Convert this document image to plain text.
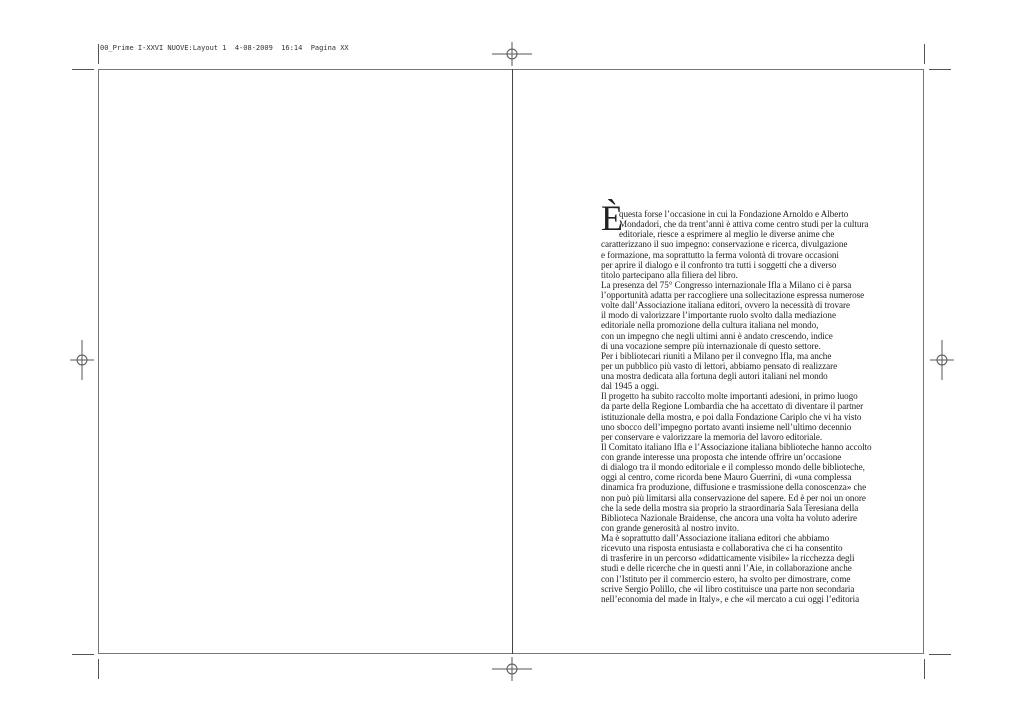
00_Prime I-XXVI NUOVE:Layout 1  4-08-2009  16:14  Pagina XX
È
questa forse l’occasione in cui la Fondazione Arnoldo e Alberto
Mondadori, che da trent’anni è attiva come centro studi per la cultura
editoriale, riesce a esprimere al meglio le diverse anime che
caratterizzano il suo impegno: conservazione e ricerca, divulgazione
e formazione, ma soprattutto la ferma volontà di trovare occasioni
per aprire il dialogo e il confronto tra tutti i soggetti che a diverso
titolo partecipano alla filiera del libro.
La presenza del 75° Congresso internazionale Ifla a Milano ci è parsa
l’opportunità adatta per raccogliere una sollecitazione espressa numerose
volte dall’Associazione italiana editori, ovvero la necessità di trovare
il modo di valorizzare l’importante ruolo svolto dalla mediazione
editoriale nella promozione della cultura italiana nel mondo,
con un impegno che negli ultimi anni è andato crescendo, indice
di una vocazione sempre più internazionale di questo settore.
Per i bibliotecari riuniti a Milano per il convegno Ifla, ma anche
per un pubblico più vasto di lettori, abbiamo pensato di realizzare
una mostra dedicata alla fortuna degli autori italiani nel mondo
dal 1945 a oggi.
Il progetto ha subito raccolto molte importanti adesioni, in primo luogo
da parte della Regione Lombardia che ha accettato di diventare il partner
istituzionale della mostra, e poi dalla Fondazione Cariplo che vi ha visto
uno sbocco dell’impegno portato avanti insieme nell’ultimo decennio
per conservare e valorizzare la memoria del lavoro editoriale.
Il Comitato italiano Ifla e l’Associazione italiana biblioteche hanno accolto
con grande interesse una proposta che intende offrire un’occasione
di dialogo tra il mondo editoriale e il complesso mondo delle biblioteche,
oggi al centro, come ricorda bene Mauro Guerrini, di «una complessa
dinamica fra produzione, diffusione e trasmissione della conoscenza» che
non può più limitarsi alla conservazione del sapere. Ed è per noi un onore
che la sede della mostra sia proprio la straordinaria Sala Teresiana della
Biblioteca Nazionale Braidense, che ancora una volta ha voluto aderire
con grande generosità al nostro invito.
Ma è soprattutto dall’Associazione italiana editori che abbiamo
ricevuto una risposta entusiasta e collaborativa che ci ha consentito
di trasferire in un percorso «didatticamente visibile» la ricchezza degli
studi e delle ricerche che in questi anni l’Aie, in collaborazione anche
con l’Istituto per il commercio estero, ha svolto per dimostrare, come
scrive Sergio Polillo, che «il libro costituisce una parte non secondaria
nell’economia del made in Italy», e che «il mercato a cui oggi l’editoria
